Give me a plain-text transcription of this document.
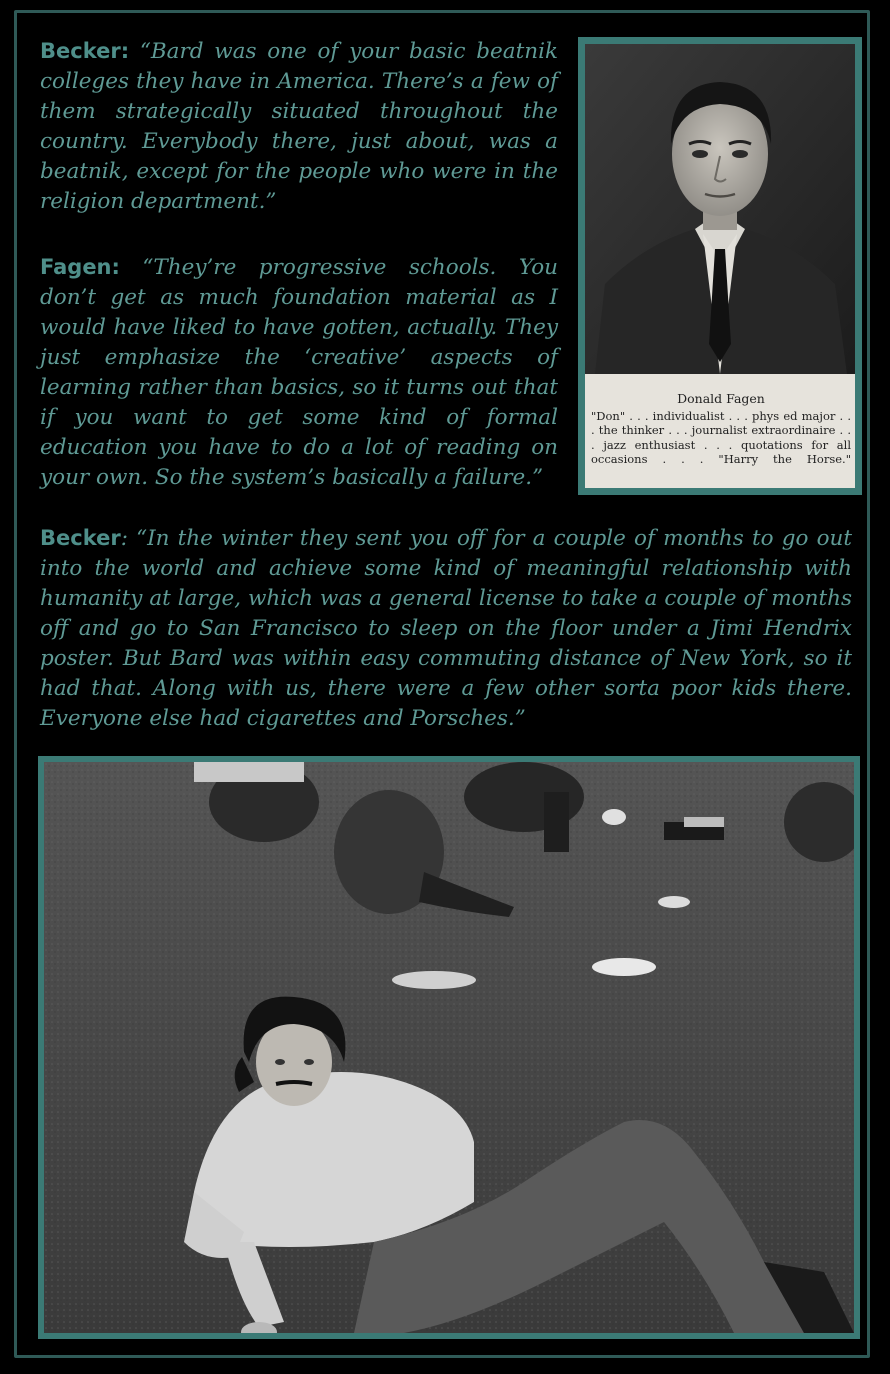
Becker: “Bard was one of your basic beatnik colleges they have in America. There’s a few of them strategically situated throughout the country. Everybody there, just about, was a beatnik, except for the people who were in the religion department.”

Fagen: “They’re progressive schools. You don’t get as much foundation material as I would have liked to have gotten, actually. They just emphasize the ‘creative’ aspects of learning rather than basics, so it turns out that if you want to get some kind of formal education you have to do a lot of reading on your own. So the system’s basically a failure.”

Becker: “In the winter they sent you off for a couple of months to go out into the world and achieve some kind of meaningful relationship with humanity at large, which was a general license to take a couple of months off and go to San Francisco to sleep on the floor under a Jimi Hendrix poster. But Bard was within easy commuting distance of New York, so it had that. Along with us, there were a few other sorta poor kids there. Everyone else had cigarettes and Porsches.”

Donald Fagen
"Don" . . . individualist . . . phys ed major . . . the thinker . . . journalist extraordinaire . . . jazz enthusiast . . . quotations for all occasions . . . "Harry the Horse."
